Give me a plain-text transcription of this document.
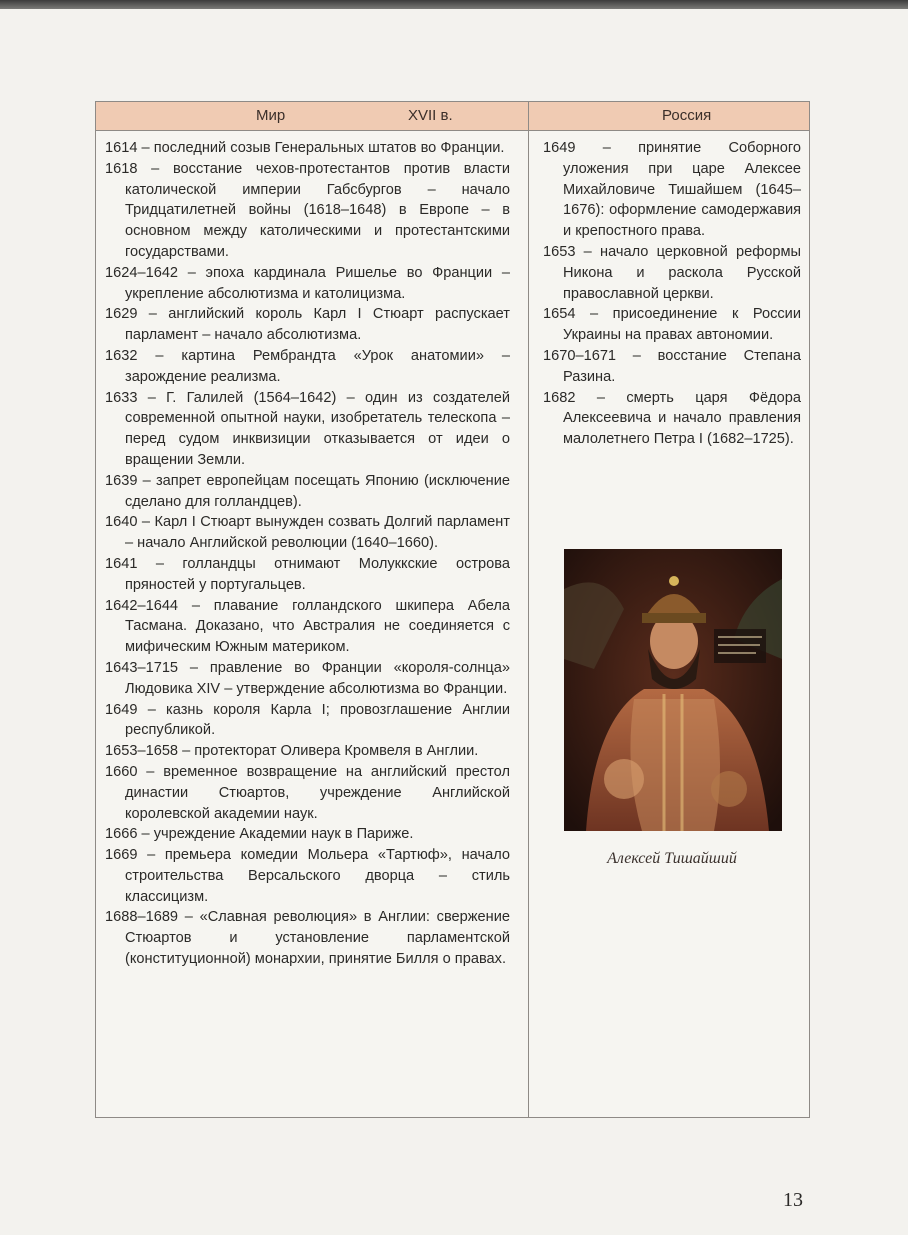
Мир	XVII в.	Россия

1614 – последний созыв Генеральных штатов во Франции.

1618 – восстание чехов-протестантов против власти католической империи Габсбургов – начало Тридцатилетней войны (1618–1648) в Европе – в основном между католическими и протестантскими государствами.

1624–1642 – эпоха кардинала Ришелье во Франции – укрепление абсолютизма и католицизма.

1629 – английский король Карл I Стюарт распускает парламент – начало абсолютизма.

1632 – картина Рембрандта «Урок анатомии» – зарождение реализма.

1633 – Г. Галилей (1564–1642) – один из создателей современной опытной науки, изобретатель телескопа – перед судом инквизиции отказывается от идеи о вращении Земли.

1639 – запрет европейцам посещать Японию (исключение сделано для голландцев).

1640 – Карл I Стюарт вынужден созвать Долгий парламент – начало Английской революции (1640–1660).

1641 – голландцы отнимают Молуккские острова пряностей у португальцев.

1642–1644 – плавание голландского шкипера Абела Тасмана. Доказано, что Австралия не соединяется с мифическим Южным материком.

1643–1715 – правление во Франции «короля-солнца» Людовика XIV – утверждение абсолютизма во Франции.

1649 – казнь короля Карла I; провозглашение Англии республикой.

1653–1658 – протекторат Оливера Кромвеля в Англии.

1660 – временное возвращение на английский престол династии Стюартов, учреждение Английской королевской академии наук.

1666 – учреждение Академии наук в Париже.

1669 – премьера комедии Мольера «Тартюф», начало строительства Версальского дворца – стиль классицизм.

1688–1689 – «Славная революция» в Англии: свержение Стюартов и установление парламентской (конституционной) монархии, принятие Билля о правах.

1649 – принятие Соборного уложения при царе Алексее Михайловиче Тишайшем (1645–1676): оформление самодержавия и крепостного права.

1653 – начало церковной реформы Никона и раскола Русской православной церкви.

1654 – присоединение к России Украины на правах автономии.

1670–1671 – восстание Степана Разина.

1682 – смерть царя Фёдора Алексеевича и начало правления малолетнего Петра I (1682–1725).

Алексей Тишайший
13
